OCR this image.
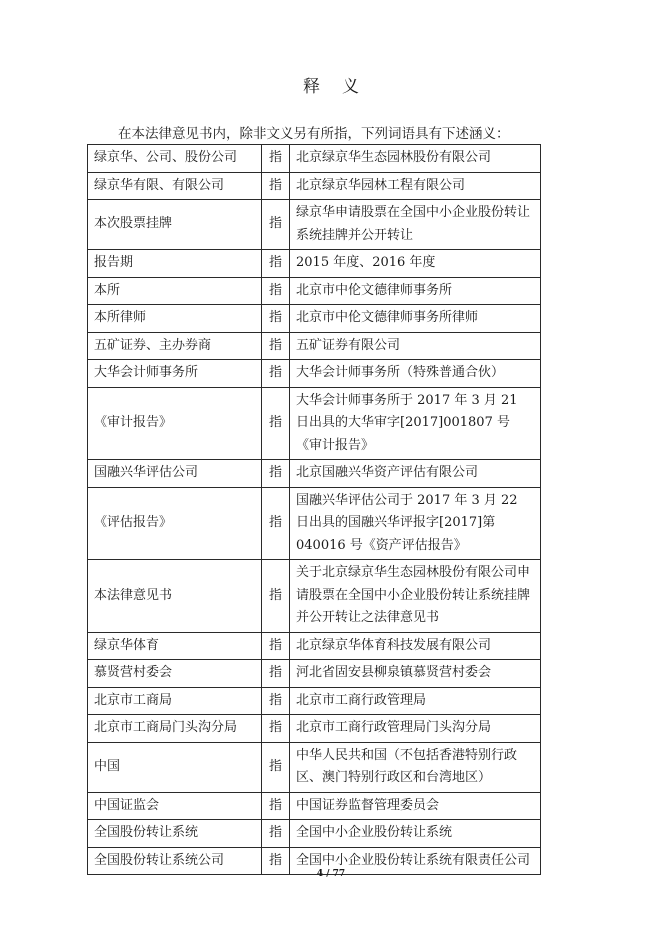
释义
在本法律意见书内，除非文义另有所指，下列词语具有下述涵义：
绿京华、公司、股份公司	指	北京绿京华生态园林股份有限公司
绿京华有限、有限公司	指	北京绿京华园林工程有限公司
本次股票挂牌	指	绿京华申请股票在全国中小企业股份转让系统挂牌并公开转让
报告期	指	2015 年度、2016 年度
本所	指	北京市中伦文德律师事务所
本所律师	指	北京市中伦文德律师事务所律师
五矿证券、主办券商	指	五矿证券有限公司
大华会计师事务所	指	大华会计师事务所（特殊普通合伙）
《审计报告》	指	大华会计师事务所于 2017 年 3 月 21 日出具的大华审字[2017]001807 号《审计报告》
国融兴华评估公司	指	北京国融兴华资产评估有限公司
《评估报告》	指	国融兴华评估公司于 2017 年 3 月 22 日出具的国融兴华评报字[2017]第 040016 号《资产评估报告》
本法律意见书	指	关于北京绿京华生态园林股份有限公司申请股票在全国中小企业股份转让系统挂牌并公开转让之法律意见书
绿京华体育	指	北京绿京华体育科技发展有限公司
慕贤营村委会	指	河北省固安县柳泉镇慕贤营村委会
北京市工商局	指	北京市工商行政管理局
北京市工商局门头沟分局	指	北京市工商行政管理局门头沟分局
中国	指	中华人民共和国（不包括香港特别行政区、澳门特别行政区和台湾地区）
中国证监会	指	中国证券监督管理委员会
全国股份转让系统	指	全国中小企业股份转让系统
全国股份转让系统公司	指	全国中小企业股份转让系统有限责任公司
4 / 77
